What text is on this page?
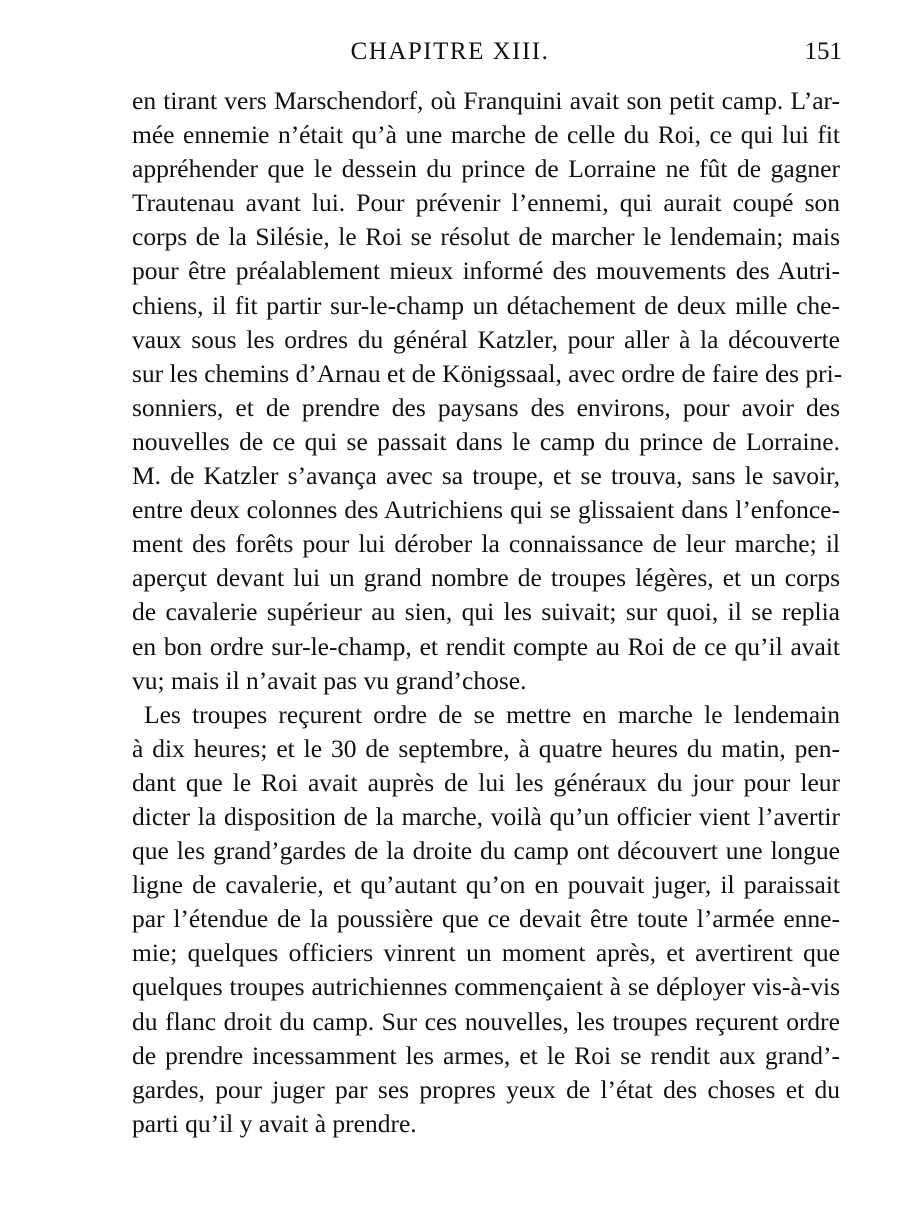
CHAPITRE XIII.	151
en tirant vers Marschendorf, où Franquini avait son petit camp. L’ar-
mée ennemie n’était qu’à une marche de celle du Roi, ce qui lui fit
appréhender que le dessein du prince de Lorraine ne fût de gagner
Trautenau avant lui. Pour prévenir l’ennemi, qui aurait coupé son
corps de la Silésie, le Roi se résolut de marcher le lendemain; mais
pour être préalablement mieux informé des mouvements des Autri-
chiens, il fit partir sur-le-champ un détachement de deux mille che-
vaux sous les ordres du général Katzler, pour aller à la découverte
sur les chemins d’Arnau et de Königssaal, avec ordre de faire des pri-
sonniers, et de prendre des paysans des environs, pour avoir des
nouvelles de ce qui se passait dans le camp du prince de Lorraine.
M. de Katzler s’avança avec sa troupe, et se trouva, sans le savoir,
entre deux colonnes des Autrichiens qui se glissaient dans l’enfonce-
ment des forêts pour lui dérober la connaissance de leur marche; il
aperçut devant lui un grand nombre de troupes légères, et un corps
de cavalerie supérieur au sien, qui les suivait; sur quoi, il se replia
en bon ordre sur-le-champ, et rendit compte au Roi de ce qu’il avait
vu; mais il n’avait pas vu grand’chose.
Les troupes reçurent ordre de se mettre en marche le lendemain
à dix heures; et le 30 de septembre, à quatre heures du matin, pen-
dant que le Roi avait auprès de lui les généraux du jour pour leur
dicter la disposition de la marche, voilà qu’un officier vient l’avertir
que les grand’gardes de la droite du camp ont découvert une longue
ligne de cavalerie, et qu’autant qu’on en pouvait juger, il paraissait
par l’étendue de la poussière que ce devait être toute l’armée enne-
mie; quelques officiers vinrent un moment après, et avertirent que
quelques troupes autrichiennes commençaient à se déployer vis-à-vis
du flanc droit du camp. Sur ces nouvelles, les troupes reçurent ordre
de prendre incessamment les armes, et le Roi se rendit aux grand’-
gardes, pour juger par ses propres yeux de l’état des choses et du
parti qu’il y avait à prendre.
